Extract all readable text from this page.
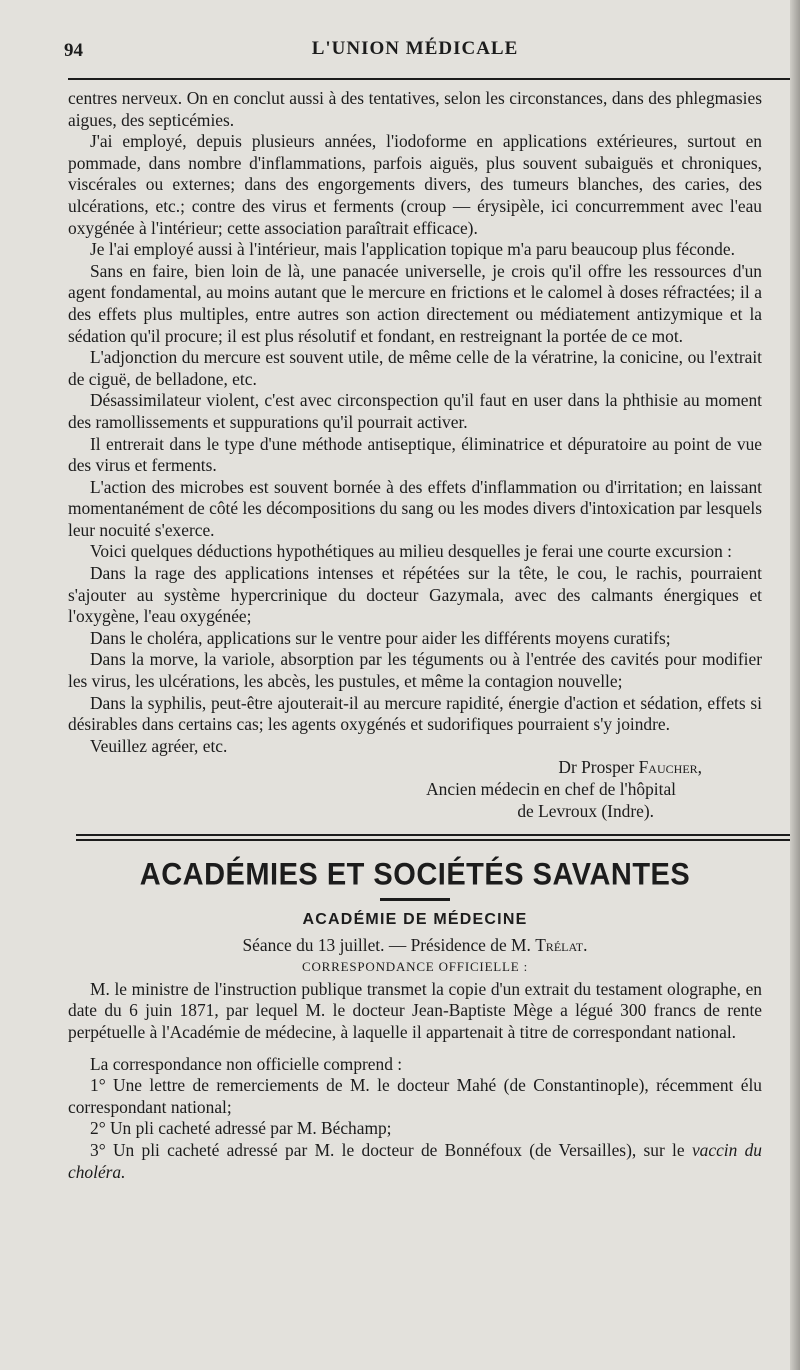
94	L'UNION MÉDICALE

centres nerveux. On en conclut aussi à des tentatives, selon les circonstances, dans des phlegmasies aigues, des septicémies.

J'ai employé, depuis plusieurs années, l'iodoforme en applications extérieures, surtout en pommade, dans nombre d'inflammations, parfois aiguës, plus souvent subaiguës et chroniques, viscérales ou externes; dans des engorgements divers, des tumeurs blanches, des caries, des ulcérations, etc.; contre des virus et ferments (croup — érysipèle, ici concurremment avec l'eau oxygénée à l'intérieur; cette association paraîtrait efficace).

Je l'ai employé aussi à l'intérieur, mais l'application topique m'a paru beaucoup plus féconde.

Sans en faire, bien loin de là, une panacée universelle, je crois qu'il offre les ressources d'un agent fondamental, au moins autant que le mercure en frictions et le calomel à doses réfractées; il a des effets plus multiples, entre autres son action directement ou médiatement antizymique et la sédation qu'il procure; il est plus résolutif et fondant, en restreignant la portée de ce mot.

L'adjonction du mercure est souvent utile, de même celle de la vératrine, la conicine, ou l'extrait de ciguë, de belladone, etc.

Désassimilateur violent, c'est avec circonspection qu'il faut en user dans la phthisie au moment des ramollissements et suppurations qu'il pourrait activer.

Il entrerait dans le type d'une méthode antiseptique, éliminatrice et dépuratoire au point de vue des virus et ferments.

L'action des microbes est souvent bornée à des effets d'inflammation ou d'irritation; en laissant momentanément de côté les décompositions du sang ou les modes divers d'intoxication par lesquels leur nocuité s'exerce.

Voici quelques déductions hypothétiques au milieu desquelles je ferai une courte excursion :

Dans la rage des applications intenses et répétées sur la tête, le cou, le rachis, pourraient s'ajouter au système hypercrinique du docteur Gazymala, avec des calmants énergiques et l'oxygène, l'eau oxygénée;

Dans le choléra, applications sur le ventre pour aider les différents moyens curatifs;

Dans la morve, la variole, absorption par les téguments ou à l'entrée des cavités pour modifier les virus, les ulcérations, les abcès, les pustules, et même la contagion nouvelle;

Dans la syphilis, peut-être ajouterait-il au mercure rapidité, énergie d'action et sédation, effets si désirables dans certains cas; les agents oxygénés et sudorifiques pourraient s'y joindre.

Veuillez agréer, etc.

Dr Prosper Faucher,
Ancien médecin en chef de l'hôpital
de Levroux (Indre).
ACADÉMIES ET SOCIÉTÉS SAVANTES
ACADÉMIE DE MÉDECINE
Séance du 13 juillet. — Présidence de M. Trélat.
CORRESPONDANCE OFFICIELLE :

M. le ministre de l'instruction publique transmet la copie d'un extrait du testament olographe, en date du 6 juin 1871, par lequel M. le docteur Jean-Baptiste Mège a légué 300 francs de rente perpétuelle à l'Académie de médecine, à laquelle il appartenait à titre de correspondant national.

La correspondance non officielle comprend :

1° Une lettre de remerciements de M. le docteur Mahé (de Constantinople), récemment élu correspondant national;

2° Un pli cacheté adressé par M. Béchamp;

3° Un pli cacheté adressé par M. le docteur de Bonnéfoux (de Versailles), sur le vaccin du choléra.
